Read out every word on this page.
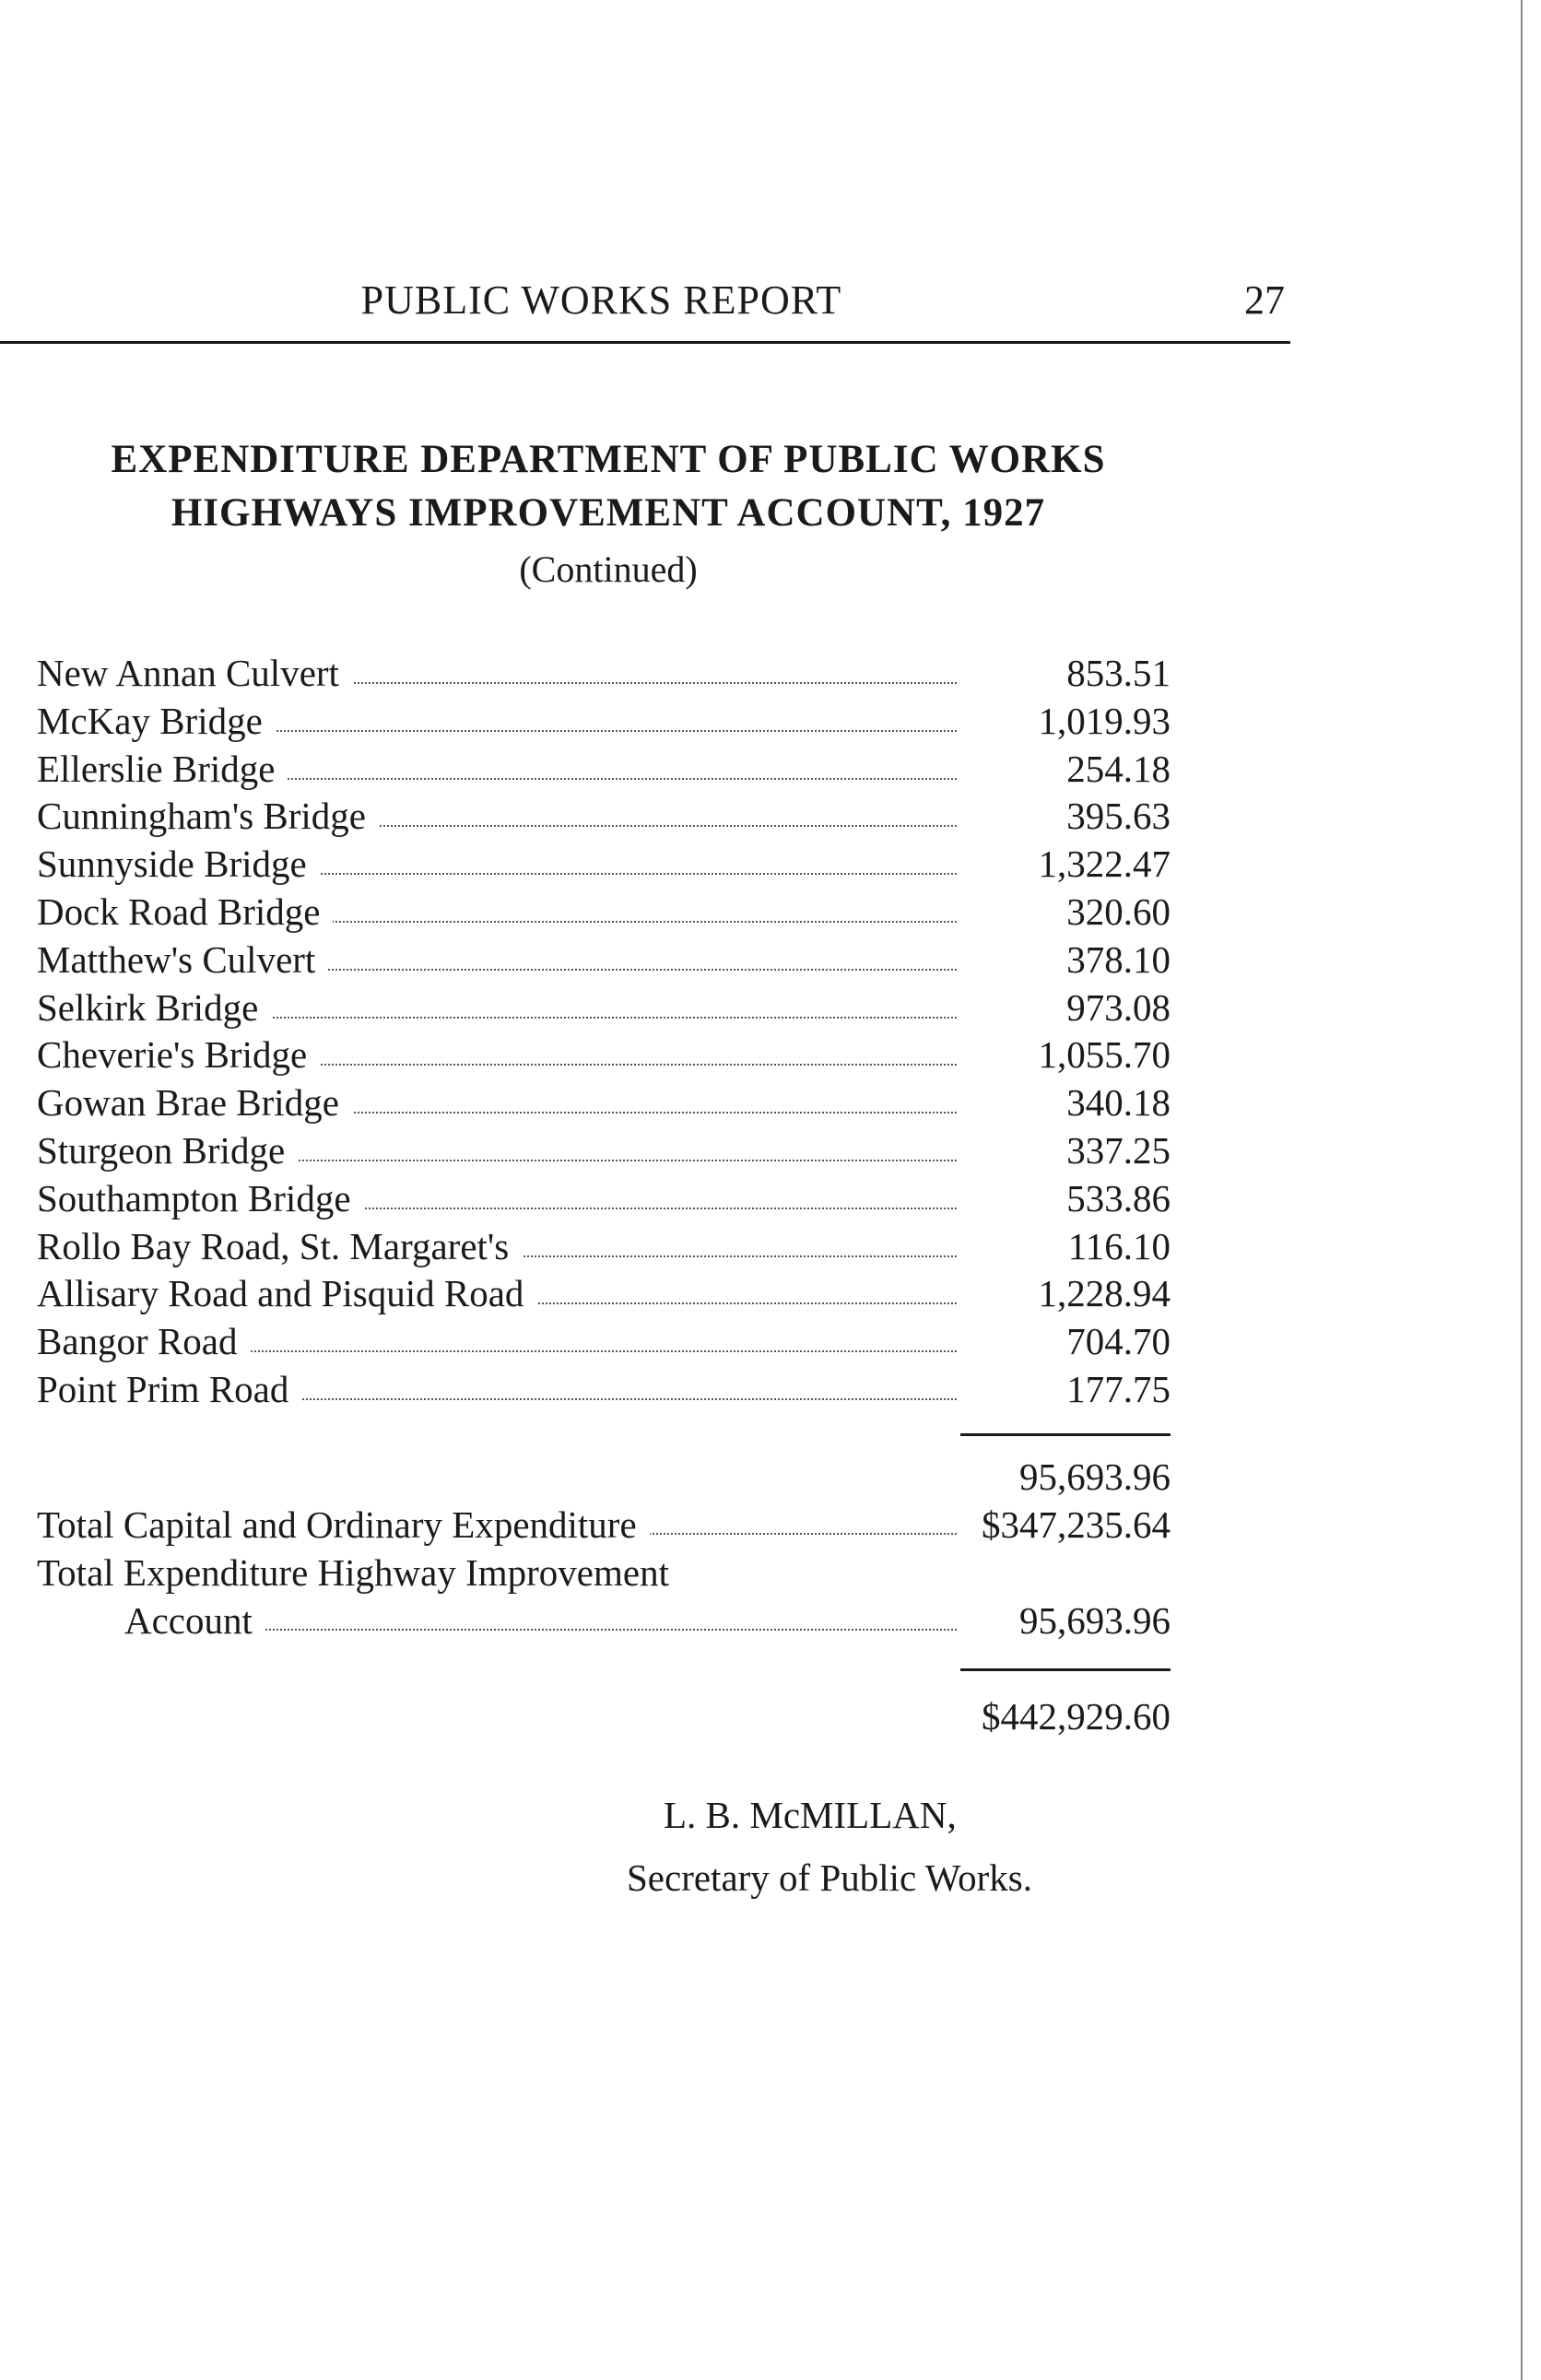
PUBLIC WORKS REPORT	27
EXPENDITURE DEPARTMENT OF PUBLIC WORKS
HIGHWAYS IMPROVEMENT ACCOUNT, 1927
(Continued)
New Annan Culvert	853.51
McKay Bridge	1,019.93
Ellerslie Bridge	254.18
Cunningham's Bridge	395.63
Sunnyside Bridge	1,322.47
Dock Road Bridge	320.60
Matthew's Culvert	378.10
Selkirk Bridge	973.08
Cheverie's Bridge	1,055.70
Gowan Brae Bridge	340.18
Sturgeon Bridge	337.25
Southampton Bridge	533.86
Rollo Bay Road, St. Margaret's	116.10
Allisary Road and Pisquid Road	1,228.94
Bangor Road	704.70
Point Prim Road	177.75
95,693.96
Total Capital and Ordinary Expenditure	$347,235.64
Total Expenditure Highway Improvement
Account	95,693.96
$442,929.60
L. B. McMILLAN,
Secretary of Public Works.
